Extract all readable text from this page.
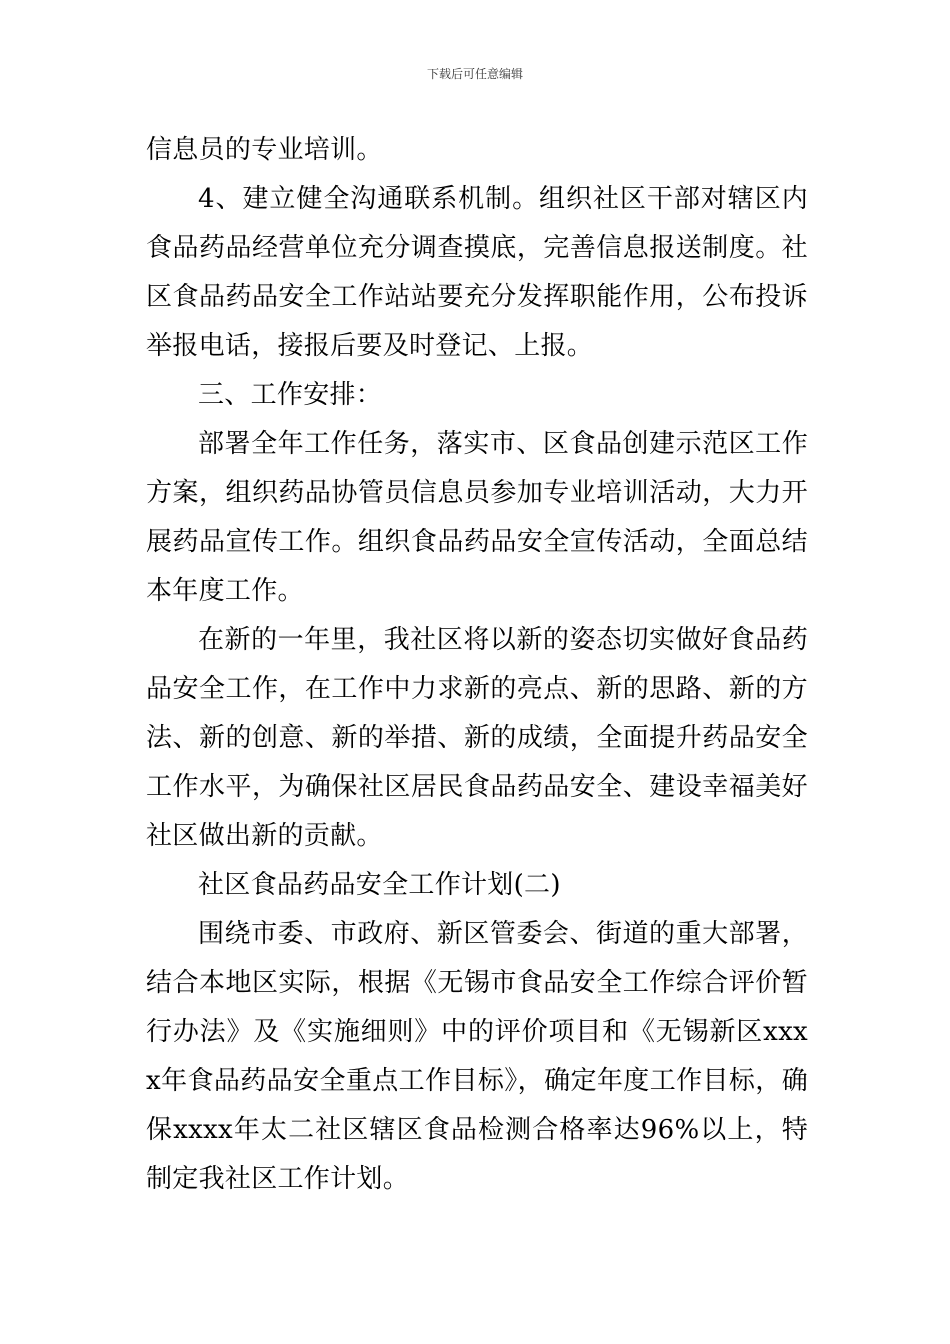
下载后可任意编辑

信息员的专业培训。

4、建立健全沟通联系机制。组织社区干部对辖区内食品药品经营单位充分调查摸底，完善信息报送制度。社区食品药品安全工作站站要充分发挥职能作用，公布投诉举报电话，接报后要及时登记、上报。

三、工作安排：

部署全年工作任务，落实市、区食品创建示范区工作方案，组织药品协管员信息员参加专业培训活动，大力开展药品宣传工作。组织食品药品安全宣传活动，全面总结本年度工作。

在新的一年里，我社区将以新的姿态切实做好食品药品安全工作，在工作中力求新的亮点、新的思路、新的方法、新的创意、新的举措、新的成绩，全面提升药品安全工作水平，为确保社区居民食品药品安全、建设幸福美好社区做出新的贡献。

社区食品药品安全工作计划(二)

围绕市委、市政府、新区管委会、街道的重大部署，结合本地区实际，根据《无锡市食品安全工作综合评价暂行办法》及《实施细则》中的评价项目和《无锡新区xxxx年食品药品安全重点工作目标》，确定年度工作目标，确保xxxx年太二社区辖区食品检测合格率达96%以上，特制定我社区工作计划。
